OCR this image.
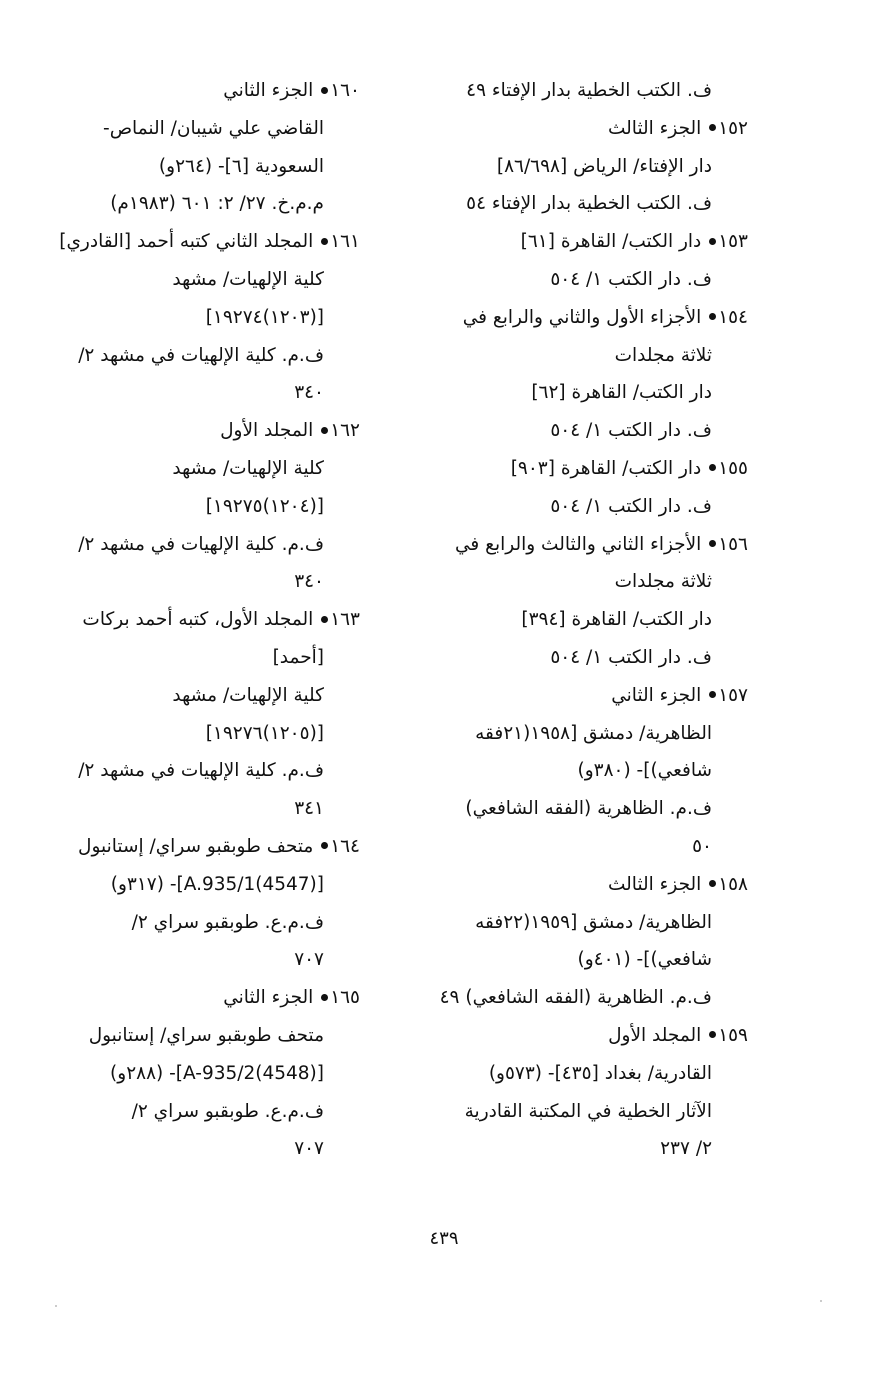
ف. الكتب الخطية بدار الإفتاء ٤٩
١٥٢ الجزء الثالث
دار الإفتاء/ الرياض [٨٦/٦٩٨]
ف. الكتب الخطية بدار الإفتاء ٥٤
١٥٣ دار الكتب/ القاهرة [٦١]
ف. دار الكتب ١/ ٥٠٤
١٥٤ الأجزاء الأول والثاني والرابع في
ثلاثة مجلدات
دار الكتب/ القاهرة [٦٢]
ف. دار الكتب ١/ ٥٠٤
١٥٥ دار الكتب/ القاهرة [٩٠٣]
ف. دار الكتب ١/ ٥٠٤
١٥٦ الأجزاء الثاني والثالث والرابع في
ثلاثة مجلدات
دار الكتب/ القاهرة [٣٩٤]
ف. دار الكتب ١/ ٥٠٤
١٥٧ الجزء الثاني
الظاهرية/ دمشق [١٩٥٨(٢١فقه
شافعي)]- (٣٨٠و)
ف.م. الظاهرية (الفقه الشافعي)
٥٠
١٥٨ الجزء الثالث
الظاهرية/ دمشق [١٩٥٩(٢٢فقه
شافعي)]- (٤٠١و)
ف.م. الظاهرية (الفقه الشافعي) ٤٩
١٥٩ المجلد الأول
القادرية/ بغداد [٤٣٥]- (٥٧٣و)
الآثار الخطية في المكتبة القادرية
٢/ ٢٣٧
١٦٠ الجزء الثاني
القاضي علي شيبان/ النماص-
السعودية [٦]- (٢٦٤و)
م.م.خ. ٢٧/ ٢: ٦٠١ (١٩٨٣م)
١٦١ المجلد الثاني كتبه أحمد [القادري]
كلية الإلهيات/ مشهد
[(١٢٠٣)١٩٢٧٤]
ف.م. كلية الإلهيات في مشهد ٢/
٣٤٠
١٦٢ المجلد الأول
كلية الإلهيات/ مشهد
[(١٢٠٤)١٩٢٧٥]
ف.م. كلية الإلهيات في مشهد ٢/
٣٤٠
١٦٣ المجلد الأول، كتبه أحمد بركات
[أحمد]
كلية الإلهيات/ مشهد
[(١٢٠٥)١٩٢٧٦]
ف.م. كلية الإلهيات في مشهد ٢/
٣٤١
١٦٤ متحف طوبقبو سراي/ إستانبول
[A.935/1(4547)]- (٣١٧و)
ف.م.ع. طوبقبو سراي ٢/
٧٠٧
١٦٥ الجزء الثاني
متحف طوبقبو سراي/ إستانبول
[A-935/2(4548)]- (٢٨٨و)
ف.م.ع. طوبقبو سراي ٢/
٧٠٧
٤٣٩
